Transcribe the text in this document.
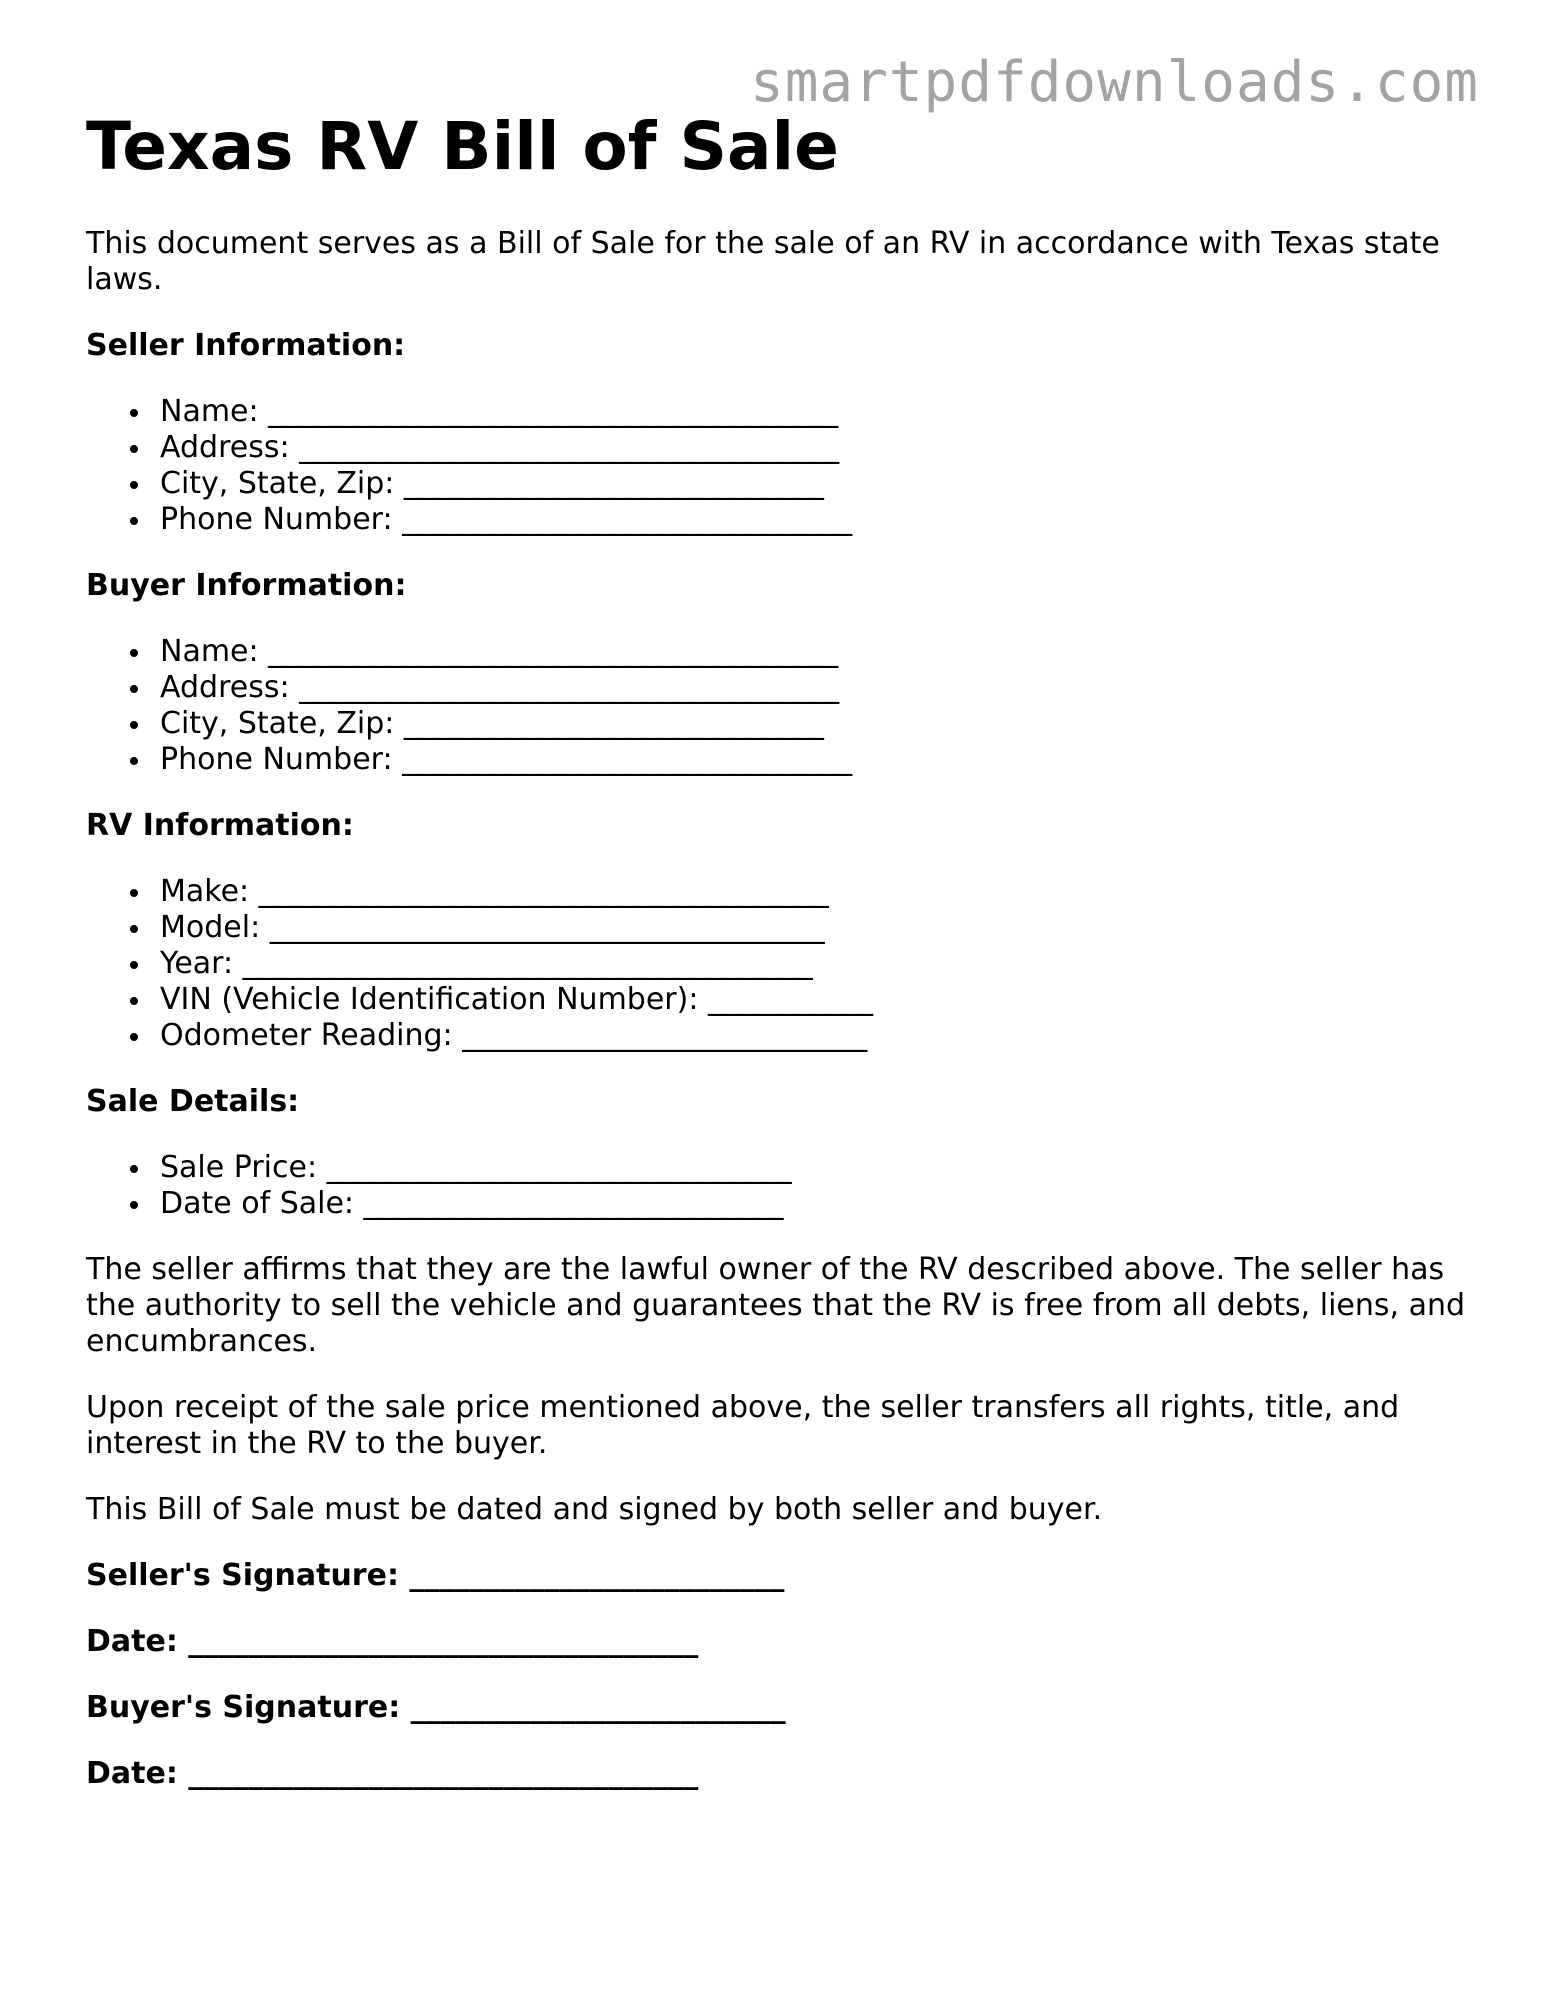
smartpdfdownloads.com
Texas RV Bill of Sale

This document serves as a Bill of Sale for the sale of an RV in accordance with Texas state laws.

Seller Information:
Name: ______________________________________
Address: ____________________________________
City, State, Zip: ____________________________
Phone Number: ______________________________
Buyer Information:
Name: ______________________________________
Address: ____________________________________
City, State, Zip: ____________________________
Phone Number: ______________________________
RV Information:
Make: ______________________________________
Model: _____________________________________
Year: ______________________________________
VIN (Vehicle Identification Number): ___________
Odometer Reading: ___________________________
Sale Details:
Sale Price: _______________________________
Date of Sale: ____________________________

The seller affirms that they are the lawful owner of the RV described above. The seller has the authority to sell the vehicle and guarantees that the RV is free from all debts, liens, and encumbrances.

Upon receipt of the sale price mentioned above, the seller transfers all rights, title, and interest in the RV to the buyer.

This Bill of Sale must be dated and signed by both seller and buyer.

Seller's Signature: _________________________
Date: __________________________________
Buyer's Signature: _________________________
Date: __________________________________
